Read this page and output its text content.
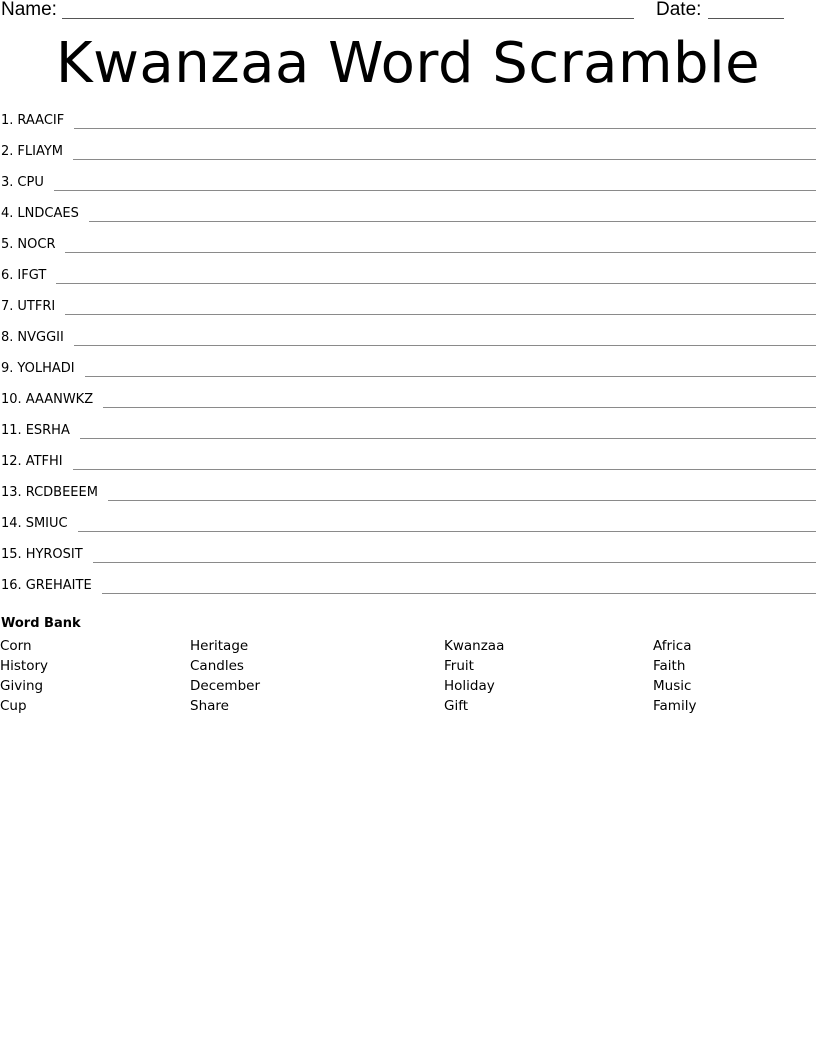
Name:	Date:
Kwanzaa Word Scramble
1. RAACIF
2. FLIAYM
3. CPU
4. LNDCAES
5. NOCR
6. IFGT
7. UTFRI
8. NVGGII
9. YOLHADI
10. AAANWKZ
11. ESRHA
12. ATFHI
13. RCDBEEEM
14. SMIUC
15. HYROSIT
16. GREHAITE
Word Bank
Corn
History
Giving
Cup
Heritage
Candles
December
Share
Kwanzaa
Fruit
Holiday
Gift
Africa
Faith
Music
Family
